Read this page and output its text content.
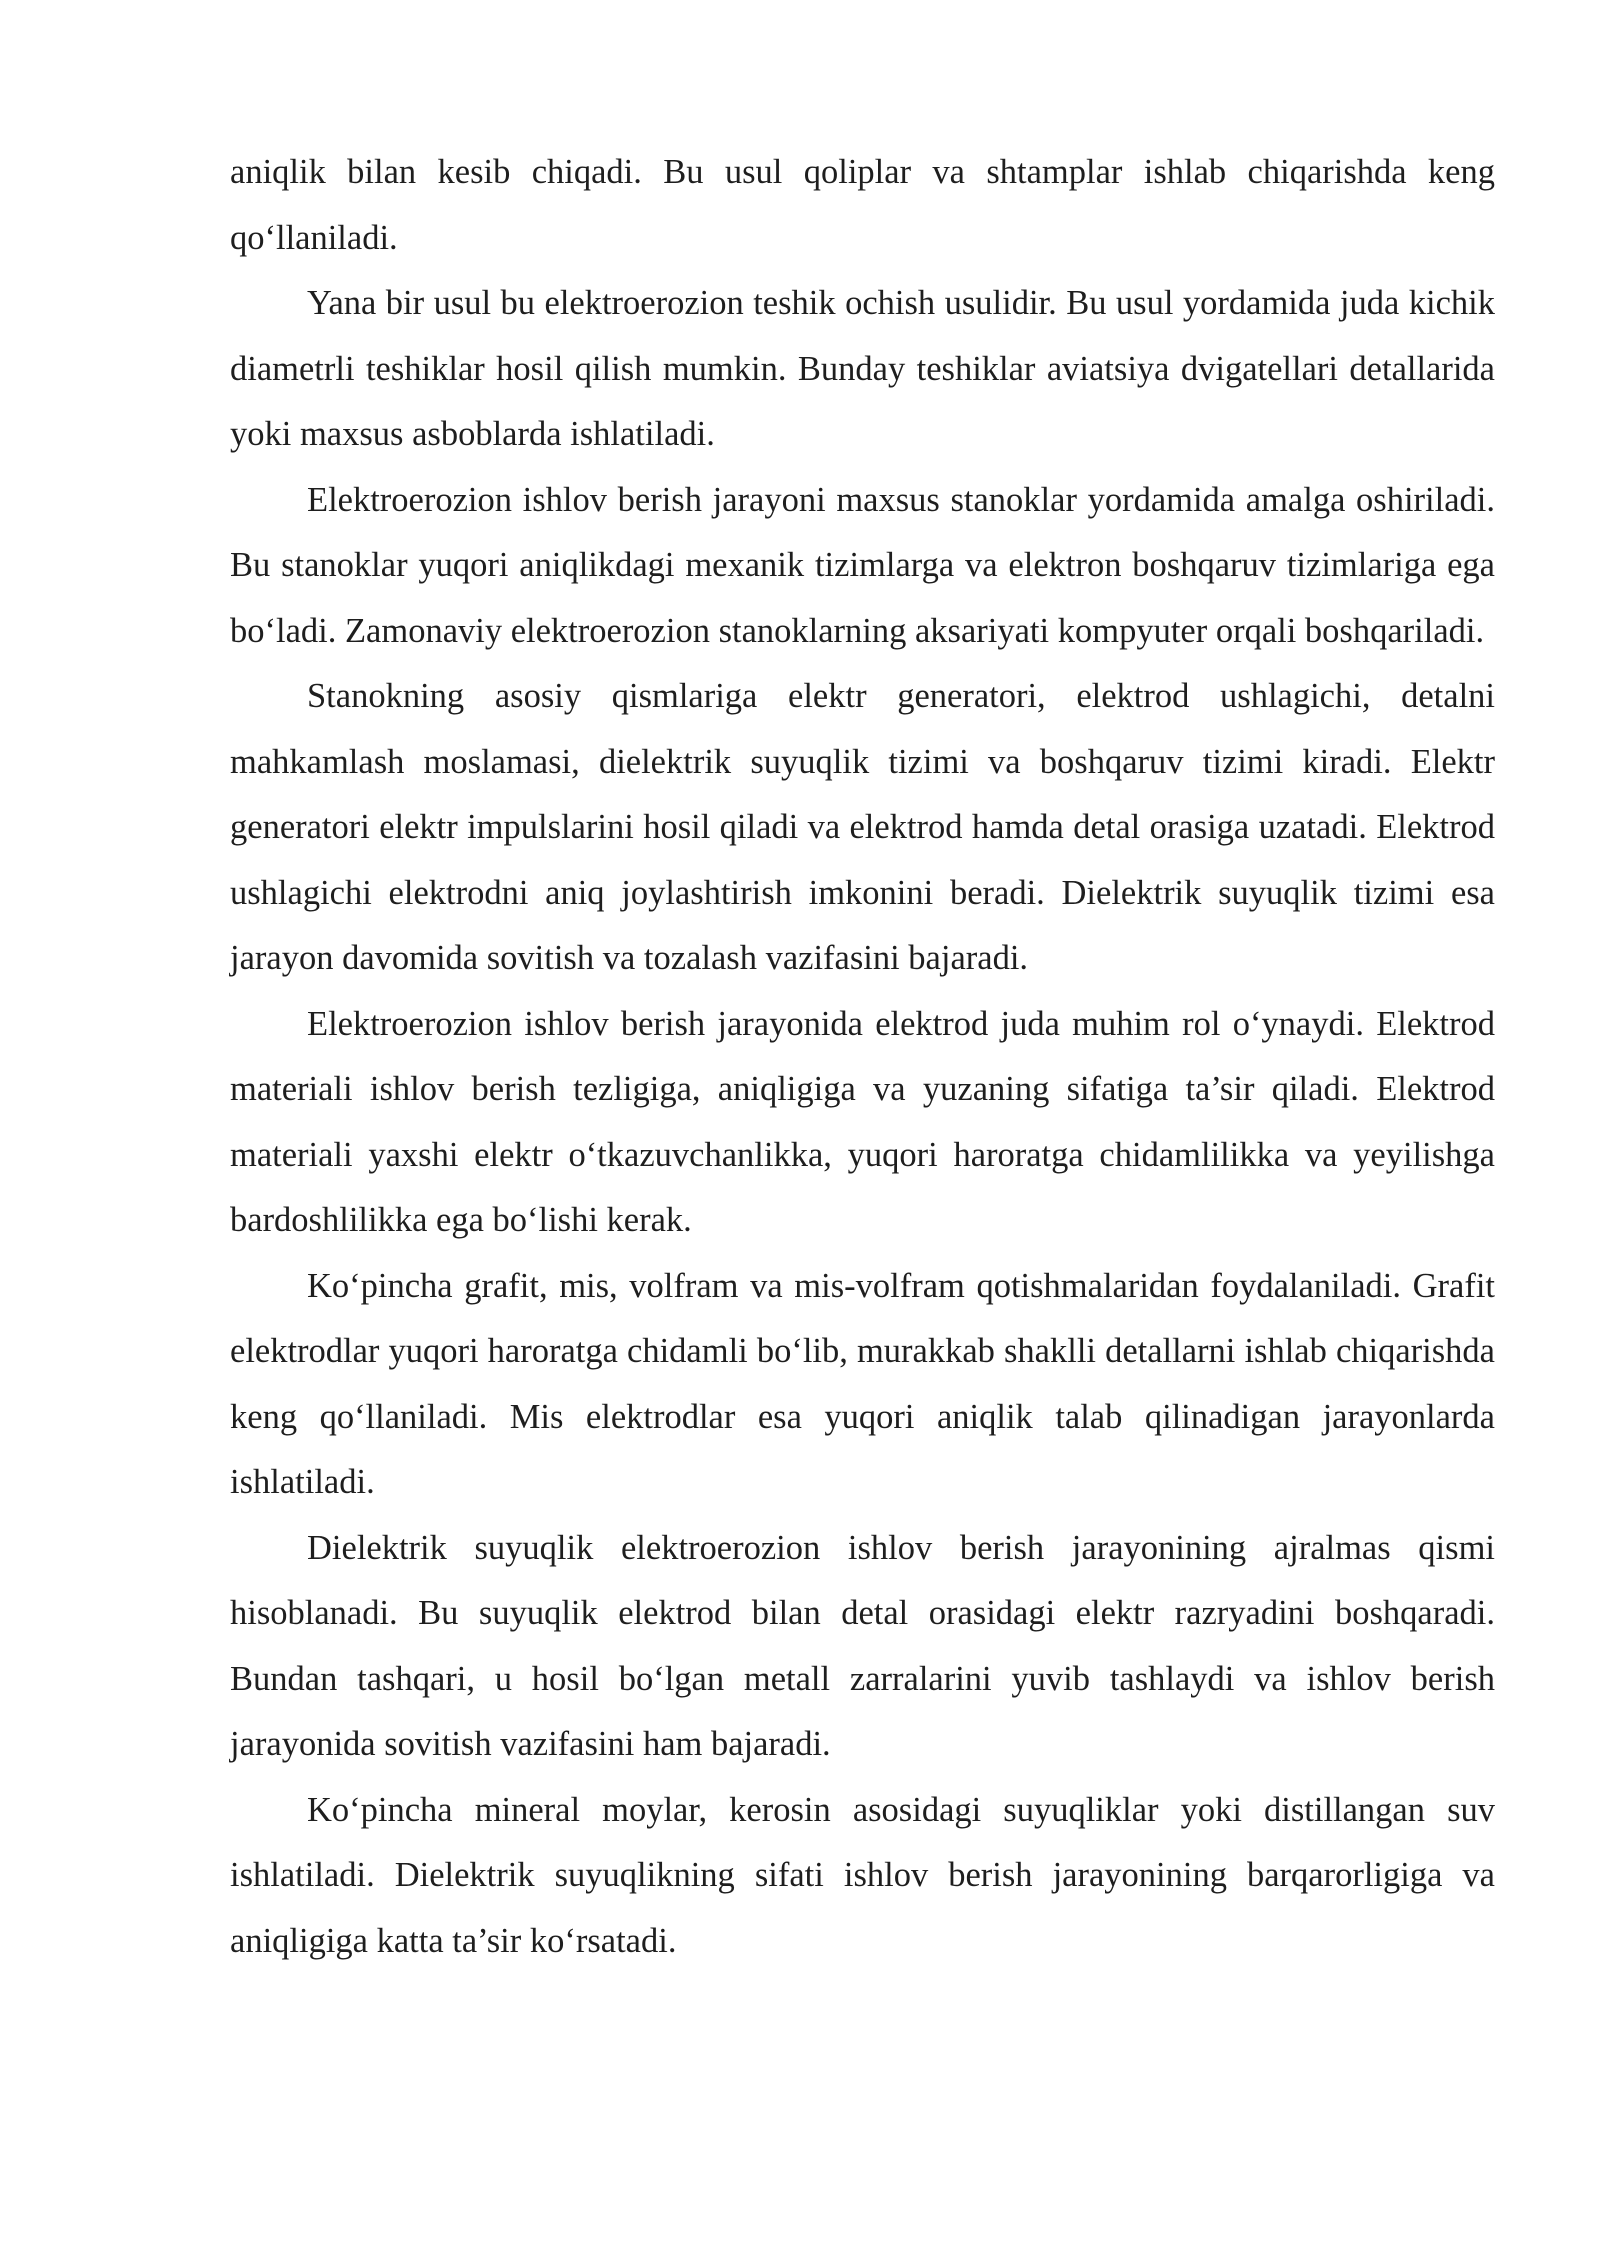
aniqlik bilan kesib chiqadi. Bu usul qoliplar va shtamplar ishlab chiqarishda keng qo‘llaniladi.

Yana bir usul bu elektroerozion teshik ochish usulidir. Bu usul yordamida juda kichik diametrli teshiklar hosil qilish mumkin. Bunday teshiklar aviatsiya dvigatellari detallarida yoki maxsus asboblarda ishlatiladi.

Elektroerozion ishlov berish jarayoni maxsus stanoklar yordamida amalga oshiriladi. Bu stanoklar yuqori aniqlikdagi mexanik tizimlarga va elektron boshqaruv tizimlariga ega bo‘ladi. Zamonaviy elektroerozion stanoklarning aksariyati kompyuter orqali boshqariladi.

Stanokning asosiy qismlariga elektr generatori, elektrod ushlagichi, detalni mahkamlash moslamasi, dielektrik suyuqlik tizimi va boshqaruv tizimi kiradi. Elektr generatori elektr impulslarini hosil qiladi va elektrod hamda detal orasiga uzatadi. Elektrod ushlagichi elektrodni aniq joylashtirish imkonini beradi. Dielektrik suyuqlik tizimi esa jarayon davomida sovitish va tozalash vazifasini bajaradi.

Elektroerozion ishlov berish jarayonida elektrod juda muhim rol o‘ynaydi. Elektrod materiali ishlov berish tezligiga, aniqligiga va yuzaning sifatiga ta’sir qiladi. Elektrod materiali yaxshi elektr o‘tkazuvchanlikka, yuqori haroratga chidamlilikka va yeyilishga bardoshlilikka ega bo‘lishi kerak.

Ko‘pincha grafit, mis, volfram va mis-volfram qotishmalaridan foydalaniladi. Grafit elektrodlar yuqori haroratga chidamli bo‘lib, murakkab shaklli detallarni ishlab chiqarishda keng qo‘llaniladi. Mis elektrodlar esa yuqori aniqlik talab qilinadigan jarayonlarda ishlatiladi.

Dielektrik suyuqlik elektroerozion ishlov berish jarayonining ajralmas qismi hisoblanadi. Bu suyuqlik elektrod bilan detal orasidagi elektr razryadini boshqaradi. Bundan tashqari, u hosil bo‘lgan metall zarralarini yuvib tashlaydi va ishlov berish jarayonida sovitish vazifasini ham bajaradi.

Ko‘pincha mineral moylar, kerosin asosidagi suyuqliklar yoki distillangan suv ishlatiladi. Dielektrik suyuqlikning sifati ishlov berish jarayonining barqarorligiga va aniqligiga katta ta’sir ko‘rsatadi.
